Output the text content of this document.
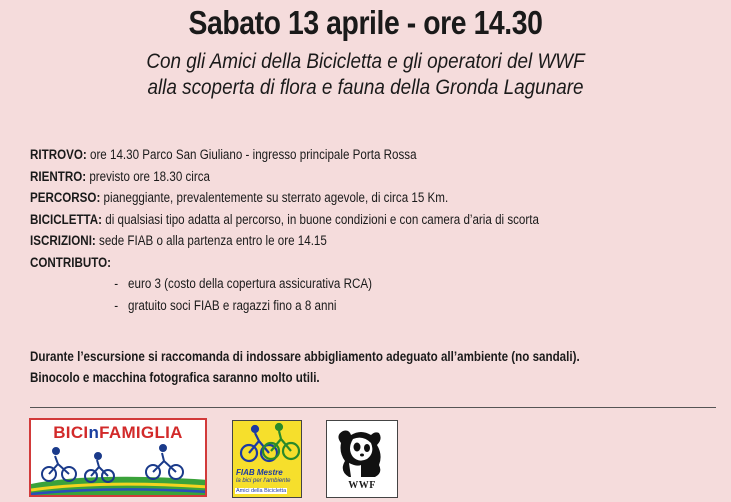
Sabato 13 aprile - ore 14.30
Con gli Amici della Bicicletta e gli operatori del WWF
alla scoperta di flora e fauna della Gronda Lagunare
RITROVO: ore 14.30 Parco San Giuliano - ingresso principale Porta Rossa
RIENTRO: previsto ore 18.30 circa
PERCORSO: pianeggiante, prevalentemente su sterrato agevole, di circa 15 Km.
BICICLETTA: di qualsiasi tipo adatta al percorso, in buone condizioni e con camera d’aria di scorta
ISCRIZIONI: sede FIAB o alla partenza entro le ore 14.15
CONTRIBUTO:
- euro 3 (costo della copertura assicurativa RCA)
- gratuito soci FIAB e ragazzi fino a 8 anni
Durante l’escursione si raccomanda di indossare abbigliamento adeguato all’ambiente (no sandali).
Binocolo e macchina fotografica saranno molto utili.
BICInFAMIGLIA
FIAB Mestre
la bici per l'ambiente
Amici della Bicicletta	WWF
